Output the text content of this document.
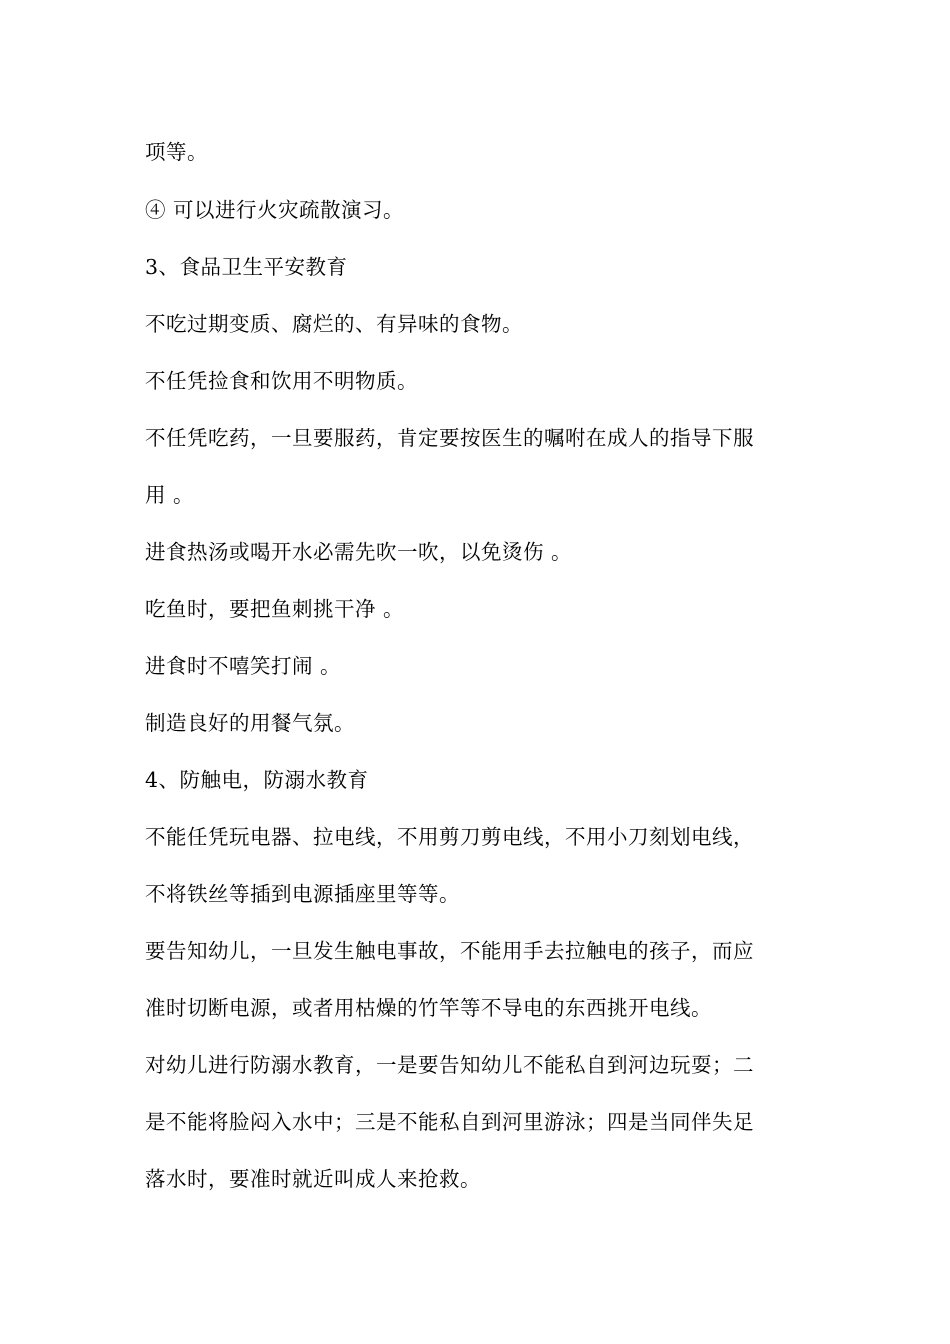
项等。
④ 可以进行火灾疏散演习。
3、食品卫生平安教育
不吃过期变质、腐烂的、有异味的食物。
不任凭捡食和饮用不明物质。
不任凭吃药，一旦要服药，肯定要按医生的嘱咐在成人的指导下服
用 。
进食热汤或喝开水必需先吹一吹，以免烫伤 。
吃鱼时，要把鱼刺挑干净 。
进食时不嘻笑打闹 。
制造良好的用餐气氛。
4、防触电，防溺水教育
不能任凭玩电器、拉电线，不用剪刀剪电线，不用小刀刻划电线，
不将铁丝等插到电源插座里等等。
要告知幼儿，一旦发生触电事故，不能用手去拉触电的孩子，而应
准时切断电源，或者用枯燥的竹竿等不导电的东西挑开电线。
对幼儿进行防溺水教育，一是要告知幼儿不能私自到河边玩耍；二
是不能将脸闷入水中；三是不能私自到河里游泳；四是当同伴失足
落水时，要准时就近叫成人来抢救。
